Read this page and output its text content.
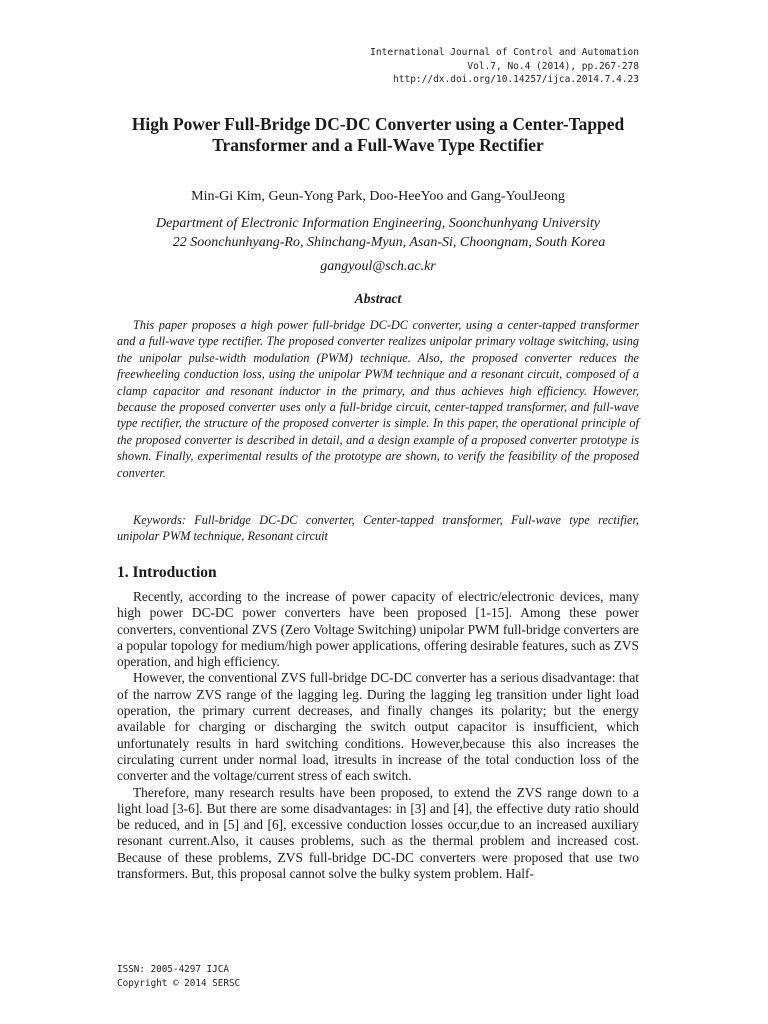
International Journal of Control and Automation
Vol.7, No.4 (2014), pp.267-278
http://dx.doi.org/10.14257/ijca.2014.7.4.23
High Power Full-Bridge DC-DC Converter using a Center-Tapped
Transformer and a Full-Wave Type Rectifier
Min-Gi Kim, Geun-Yong Park, Doo-HeeYoo and Gang-YoulJeong
Department of Electronic Information Engineering, Soonchunhyang University
22 Soonchunhyang-Ro, Shinchang-Myun, Asan-Si, Choongnam, South Korea
gangyoul@sch.ac.kr
Abstract
This paper proposes a high power full-bridge DC-DC converter, using a center-tapped transformer and a full-wave type rectifier. The proposed converter realizes unipolar primary voltage switching, using the unipolar pulse-width modulation (PWM) technique. Also, the proposed converter reduces the freewheeling conduction loss, using the unipolar PWM technique and a resonant circuit, composed of a clamp capacitor and resonant inductor in the primary, and thus achieves high efficiency. However, because the proposed converter uses only a full-bridge circuit, center-tapped transformer, and full-wave type rectifier, the structure of the proposed converter is simple. In this paper, the operational principle of the proposed converter is described in detail, and a design example of a proposed converter prototype is shown. Finally, experimental results of the prototype are shown, to verify the feasibility of the proposed converter.
Keywords: Full-bridge DC-DC converter, Center-tapped transformer, Full-wave type rectifier, unipolar PWM technique, Resonant circuit
1. Introduction

Recently, according to the increase of power capacity of electric/electronic devices, many high power DC-DC power converters have been proposed [1-15]. Among these power converters, conventional ZVS (Zero Voltage Switching) unipolar PWM full-bridge converters are a popular topology for medium/high power applications, offering desirable features, such as ZVS operation, and high efficiency.

However, the conventional ZVS full-bridge DC-DC converter has a serious disadvantage: that of the narrow ZVS range of the lagging leg. During the lagging leg transition under light load operation, the primary current decreases, and finally changes its polarity; but the energy available for charging or discharging the switch output capacitor is insufficient, which unfortunately results in hard switching conditions. However,because this also increases the circulating current under normal load, itresults in increase of the total conduction loss of the converter and the voltage/current stress of each switch.

Therefore, many research results have been proposed, to extend the ZVS range down to a light load [3-6]. But there are some disadvantages: in [3] and [4], the effective duty ratio should be reduced, and in [5] and [6], excessive conduction losses occur,due to an increased auxiliary resonant current.Also, it causes problems, such as the thermal problem and increased cost. Because of these problems, ZVS full-bridge DC-DC converters were proposed that use two transformers. But, this proposal cannot solve the bulky system problem. Half-

ISSN: 2005-4297 IJCA
Copyright © 2014 SERSC
